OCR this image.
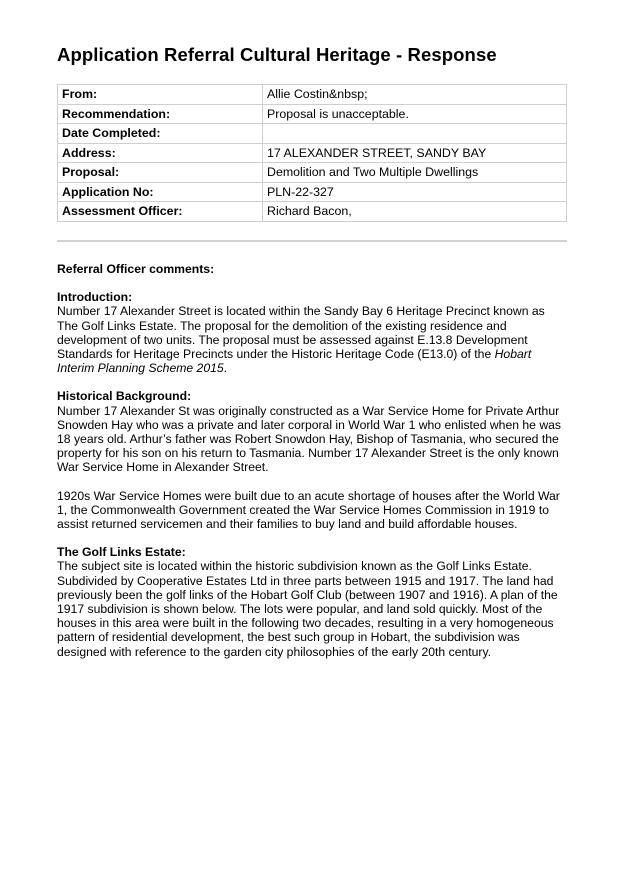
Application Referral Cultural Heritage - Response
From:	Allie Costin&nbsp;
Recommendation:	Proposal is unacceptable.
Date Completed:	
Address:	17 ALEXANDER STREET, SANDY BAY
Proposal:	Demolition and Two Multiple Dwellings
Application No:	PLN-22-327
Assessment Officer:	Richard Bacon,

Referral Officer comments:

Introduction:

Number 17 Alexander Street is located within the Sandy Bay 6 Heritage Precinct known as
The Golf Links Estate. The proposal for the demolition of the existing residence and
development of two units. The proposal must be assessed against E.13.8 Development
Standards for Heritage Precincts under the Historic Heritage Code (E13.0) of the Hobart
Interim Planning Scheme 2015.

Historical Background:

Number 17 Alexander St was originally constructed as a War Service Home for Private Arthur
Snowden Hay who was a private and later corporal in World War 1 who enlisted when he was
18 years old. Arthur’s father was Robert Snowdon Hay, Bishop of Tasmania, who secured the
property for his son on his return to Tasmania. Number 17 Alexander Street is the only known
War Service Home in Alexander Street.

1920s War Service Homes were built due to an acute shortage of houses after the World War
1, the Commonwealth Government created the War Service Homes Commission in 1919 to
assist returned servicemen and their families to buy land and build affordable houses.

The Golf Links Estate:

The subject site is located within the historic subdivision known as the Golf Links Estate.
Subdivided by Cooperative Estates Ltd in three parts between 1915 and 1917. The land had
previously been the golf links of the Hobart Golf Club (between 1907 and 1916). A plan of the
1917 subdivision is shown below. The lots were popular, and land sold quickly. Most of the
houses in this area were built in the following two decades, resulting in a very homogeneous
pattern of residential development, the best such group in Hobart, the subdivision was
designed with reference to the garden city philosophies of the early 20th century.
